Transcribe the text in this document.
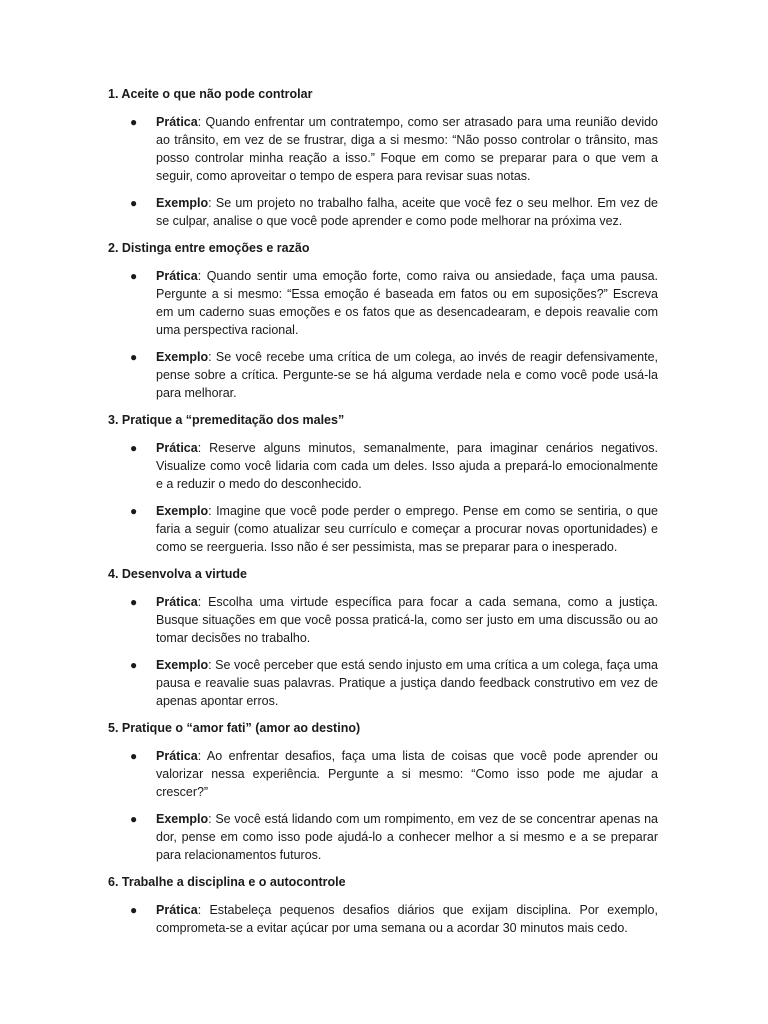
1. Aceite o que não pode controlar
● Prática: Quando enfrentar um contratempo, como ser atrasado para uma reunião devido ao trânsito, em vez de se frustrar, diga a si mesmo: “Não posso controlar o trânsito, mas posso controlar minha reação a isso.” Foque em como se preparar para o que vem a seguir, como aproveitar o tempo de espera para revisar suas notas.
● Exemplo: Se um projeto no trabalho falha, aceite que você fez o seu melhor. Em vez de se culpar, analise o que você pode aprender e como pode melhorar na próxima vez.
2. Distinga entre emoções e razão
● Prática: Quando sentir uma emoção forte, como raiva ou ansiedade, faça uma pausa. Pergunte a si mesmo: “Essa emoção é baseada em fatos ou em suposições?” Escreva em um caderno suas emoções e os fatos que as desencadearam, e depois reavalie com uma perspectiva racional.
● Exemplo: Se você recebe uma crítica de um colega, ao invés de reagir defensivamente, pense sobre a crítica. Pergunte-se se há alguma verdade nela e como você pode usá-la para melhorar.
3. Pratique a “premeditação dos males”
● Prática: Reserve alguns minutos, semanalmente, para imaginar cenários negativos. Visualize como você lidaria com cada um deles. Isso ajuda a prepará-lo emocionalmente e a reduzir o medo do desconhecido.
● Exemplo: Imagine que você pode perder o emprego. Pense em como se sentiria, o que faria a seguir (como atualizar seu currículo e começar a procurar novas oportunidades) e como se reergueria. Isso não é ser pessimista, mas se preparar para o inesperado.
4. Desenvolva a virtude
● Prática: Escolha uma virtude específica para focar a cada semana, como a justiça. Busque situações em que você possa praticá-la, como ser justo em uma discussão ou ao tomar decisões no trabalho.
● Exemplo: Se você perceber que está sendo injusto em uma crítica a um colega, faça uma pausa e reavalie suas palavras. Pratique a justiça dando feedback construtivo em vez de apenas apontar erros.
5. Pratique o “amor fati” (amor ao destino)
● Prática: Ao enfrentar desafios, faça uma lista de coisas que você pode aprender ou valorizar nessa experiência. Pergunte a si mesmo: “Como isso pode me ajudar a crescer?”
● Exemplo: Se você está lidando com um rompimento, em vez de se concentrar apenas na dor, pense em como isso pode ajudá-lo a conhecer melhor a si mesmo e a se preparar para relacionamentos futuros.
6. Trabalhe a disciplina e o autocontrole
● Prática: Estabeleça pequenos desafios diários que exijam disciplina. Por exemplo, comprometa-se a evitar açúcar por uma semana ou a acordar 30 minutos mais cedo.
